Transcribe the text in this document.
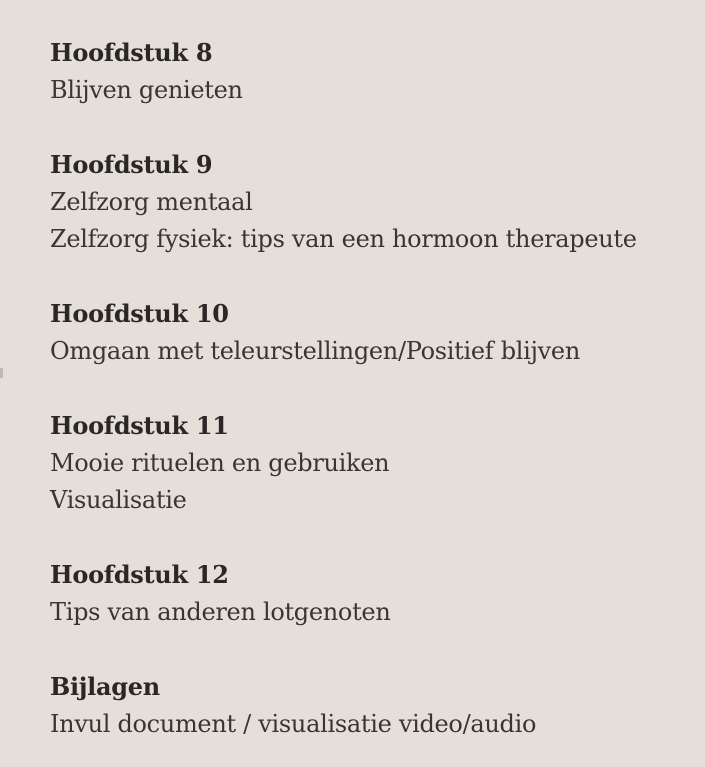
Hoofdstuk 8
Blijven genieten
Hoofdstuk 9
Zelfzorg mentaal
Zelfzorg fysiek: tips van een hormoon therapeute
Hoofdstuk 10
Omgaan met teleurstellingen/Positief blijven
Hoofdstuk 11
Mooie rituelen en gebruiken
Visualisatie
Hoofdstuk 12
Tips van anderen lotgenoten
Bijlagen
Invul document / visualisatie video/audio
